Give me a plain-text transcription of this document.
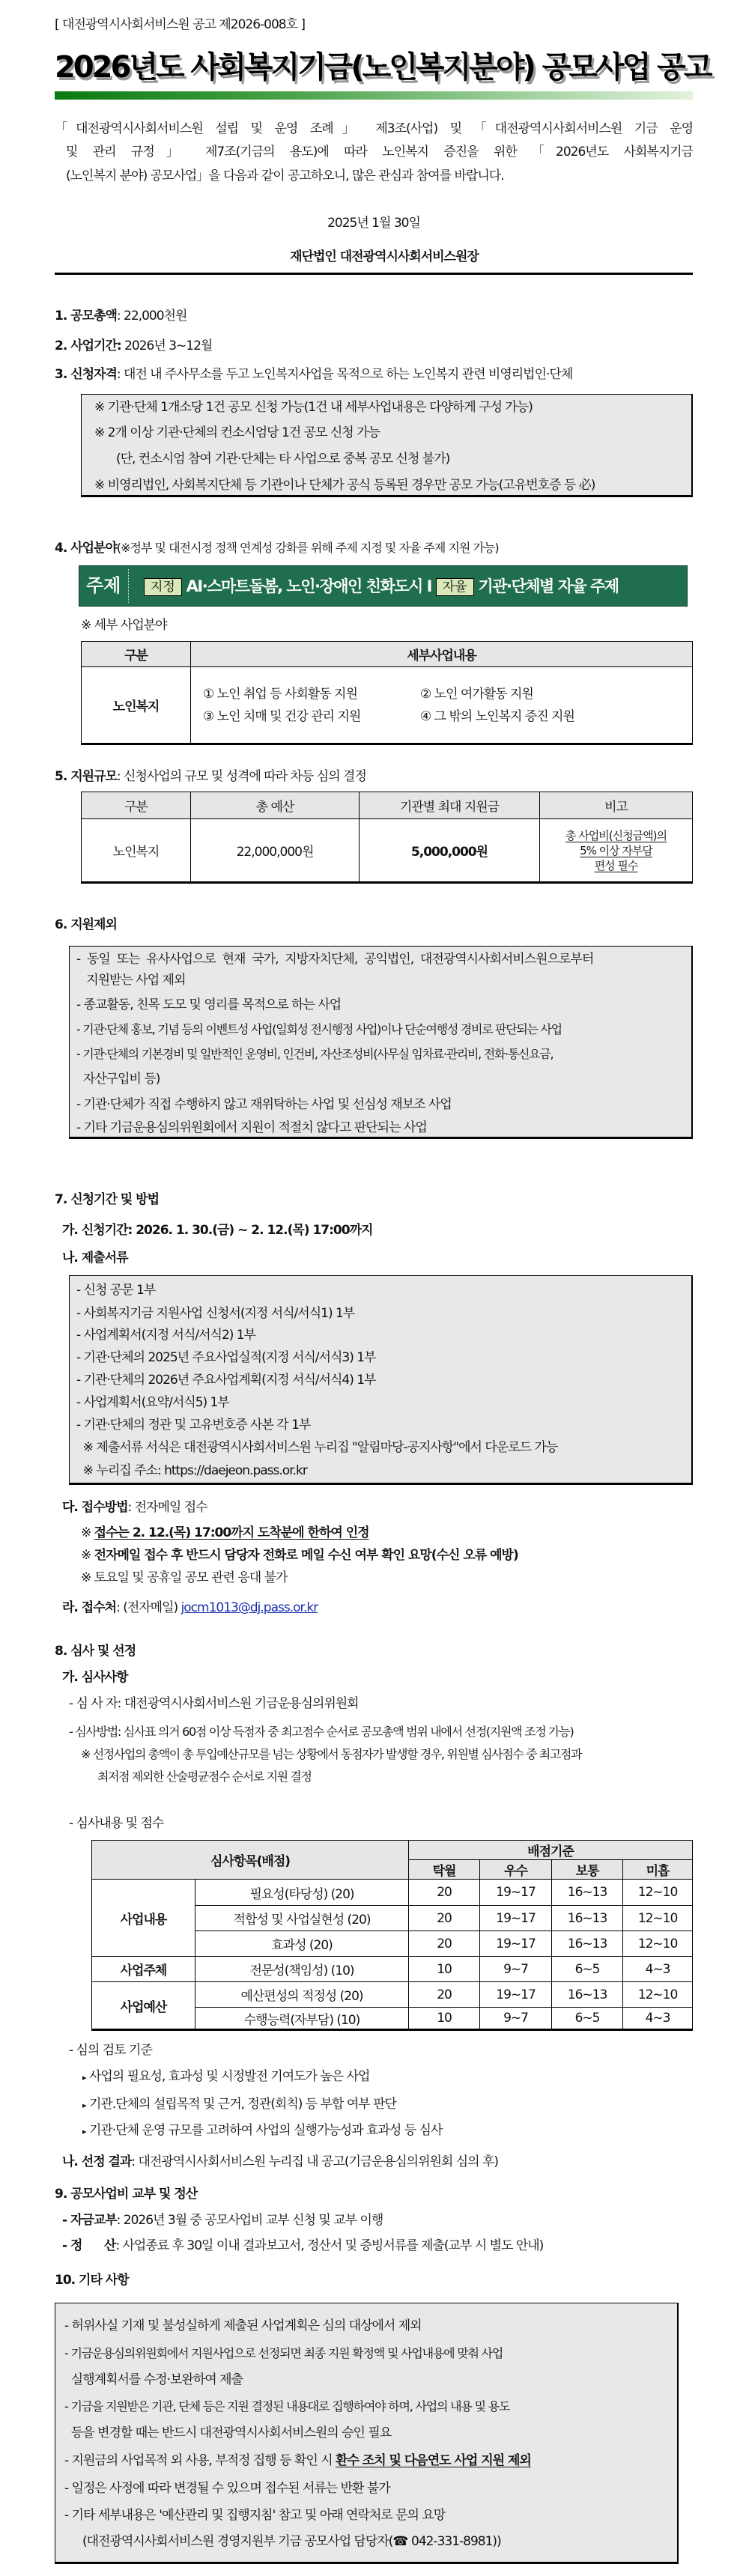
[ 대전광역시사회서비스원 공고 제2026-008호 ]
2026년도 사회복지기금(노인복지분야) 공모사업 공고
「대전광역시사회서비스원 설립 및 운영 조례」 제3조(사업) 및 「대전광역시사회서비스원 기금 운영
및 관리 규정」 제7조(기금의 용도)에 따라 노인복지 증진을 위한 「2026년도 사회복지기금
(노인복지 분야) 공모사업」을 다음과 같이 공고하오니, 많은 관심과 참여를 바랍니다.
2025년 1월 30일
재단법인 대전광역시사회서비스원장
1. 공모총액: 22,000천원
2. 사업기간: 2026년 3~12월
3. 신청자격: 대전 내 주사무소를 두고 노인복지사업을 목적으로 하는 노인복지 관련 비영리법인·단체
※ 기관·단체 1개소당 1건 공모 신청 가능(1건 내 세부사업내용은 다양하게 구성 가능)
※ 2개 이상 기관·단체의 컨소시엄당 1건 공모 신청 가능
(단, 컨소시엄 참여 기관·단체는 타 사업으로 중복 공모 신청 불가)
※ 비영리법인, 사회복지단체 등 기관이나 단체가 공식 등록된 경우만 공모 가능(고유번호증 등 必)
4. 사업분야(※정부 및 대전시정 정책 연계성 강화를 위해 주제 지정 및 자율 주제 지원 가능)
주제	지정 AI·스마트돌봄, 노인·장애인 친화도시 I 자율 기관·단체별 자율 주제
※ 세부 사업분야
구분	세부사업내용
노인복지	① 노인 취업 등 사회활동 지원 ② 노인 여가활동 지원
③ 노인 치매 및 건강 관리 지원 ④ 그 밖의 노인복지 증진 지원
5. 지원규모: 신청사업의 규모 및 성격에 따라 차등 심의 결정
구분	총 예산	기관별 최대 지원금	비고
노인복지	22,000,000원	5,000,000원	총 사업비(신청금액)의
5% 이상 자부담
편성 필수
6. 지원제외
-  동일  또는  유사사업으로  현재  국가,  지방자치단체,  공익법인,  대전광역시사회서비스원으로부터
지원받는 사업 제외
- 종교활동, 친목 도모 및 영리를 목적으로 하는 사업
- 기관·단체 홍보, 기념 등의 이벤트성 사업(일회성 전시행정 사업)이나 단순여행성 경비로 판단되는 사업
- 기관·단체의 기본경비 및 일반적인 운영비, 인건비, 자산조성비(사무실 임차료·관리비, 전화·통신요금,
자산구입비 등)
- 기관·단체가 직접 수행하지 않고 재위탁하는 사업 및 선심성 재보조 사업
- 기타 기금운용심의위원회에서 지원이 적절치 않다고 판단되는 사업
7. 신청기간 및 방법
가. 신청기간: 2026. 1. 30.(금) ~ 2. 12.(목) 17:00까지
나. 제출서류
- 신청 공문 1부
- 사회복지기금 지원사업 신청서(지정 서식/서식1) 1부
- 사업계획서(지정 서식/서식2) 1부
- 기관·단체의 2025년 주요사업실적(지정 서식/서식3) 1부
- 기관·단체의 2026년 주요사업계획(지정 서식/서식4) 1부
- 사업계획서(요약/서식5) 1부
- 기관·단체의 정관 및 고유번호증 사본 각 1부
※ 제출서류 서식은 대전광역시사회서비스원 누리집 "알림마당-공지사항"에서 다운로드 가능
※ 누리집 주소: https://daejeon.pass.or.kr
다. 접수방법: 전자메일 접수
※ 접수는 2. 12.(목) 17:00까지 도착분에 한하여 인정
※ 전자메일 접수 후 반드시 담당자 전화로 메일 수신 여부 확인 요망(수신 오류 예방)
※ 토요일 및 공휴일 공모 관련 응대 불가
라. 접수처: (전자메일) jocm1013@dj.pass.or.kr
8. 심사 및 선정
가. 심사사항
- 심 사 자: 대전광역시사회서비스원 기금운용심의위원회
- 심사방법: 심사표 의거 60점 이상 득점자 중 최고점수 순서로 공모총액 범위 내에서 선정(지원액 조정 가능)
※ 선정사업의 총액이 총 투입예산규모를 넘는 상황에서 동점자가 발생할 경우, 위원별 심사점수 중 최고점과
최저점 제외한 산술평균점수 순서로 지원 결정
- 심사내용 및 점수
심사항목(배점)		배점기준			
		탁월	우수	보통	미흡
사업내용	필요성(타당성) (20)	20	19~17	16~13	12~10
	적합성 및 사업실현성 (20)	20	19~17	16~13	12~10
	효과성 (20)	20	19~17	16~13	12~10
사업주체	전문성(책임성) (10)	10	9~7	6~5	4~3
사업예산	예산편성의 적정성 (20)	20	19~17	16~13	12~10
	수행능력(자부담) (10)	10	9~7	6~5	4~3
- 심의 검토 기준
▸ 사업의 필요성, 효과성 및 시정발전 기여도가 높은 사업
▸ 기관.단체의 설립목적 및 근거, 정관(회칙) 등 부합 여부 판단
▸ 기관·단체 운영 규모를 고려하여 사업의 실행가능성과 효과성 등 심사
나. 선정 결과: 대전광역시사회서비스원 누리집 내 공고(기금운용심의위원회 심의 후)
9. 공모사업비 교부 및 정산
- 자금교부: 2026년 3월 중 공모사업비 교부 신청 및 교부 이행
- 정      산: 사업종료 후 30일 이내 결과보고서, 정산서 및 증빙서류를 제출(교부 시 별도 안내)
10. 기타 사항
- 허위사실 기재 및 불성실하게 제출된 사업계획은 심의 대상에서 제외
- 기금운용심의위원회에서 지원사업으로 선정되면 최종 지원 확정액 및 사업내용에 맞춰 사업
실행계획서를 수정·보완하여 제출
- 기금을 지원받은 기관, 단체 등은 지원 결정된 내용대로 집행하여야 하며, 사업의 내용 및 용도
등을 변경할 때는 반드시 대전광역시사회서비스원의 승인 필요
- 지원금의 사업목적 외 사용, 부적정 집행 등 확인 시 환수 조치 및 다음연도 사업 지원 제외
- 일정은 사정에 따라 변경될 수 있으며 접수된 서류는 반환 불가
- 기타 세부내용은 '예산관리 및 집행지침' 참고 및 아래 연락처로 문의 요망
(대전광역시사회서비스원 경영지원부 기금 공모사업 담당자(☎ 042-331-8981))
